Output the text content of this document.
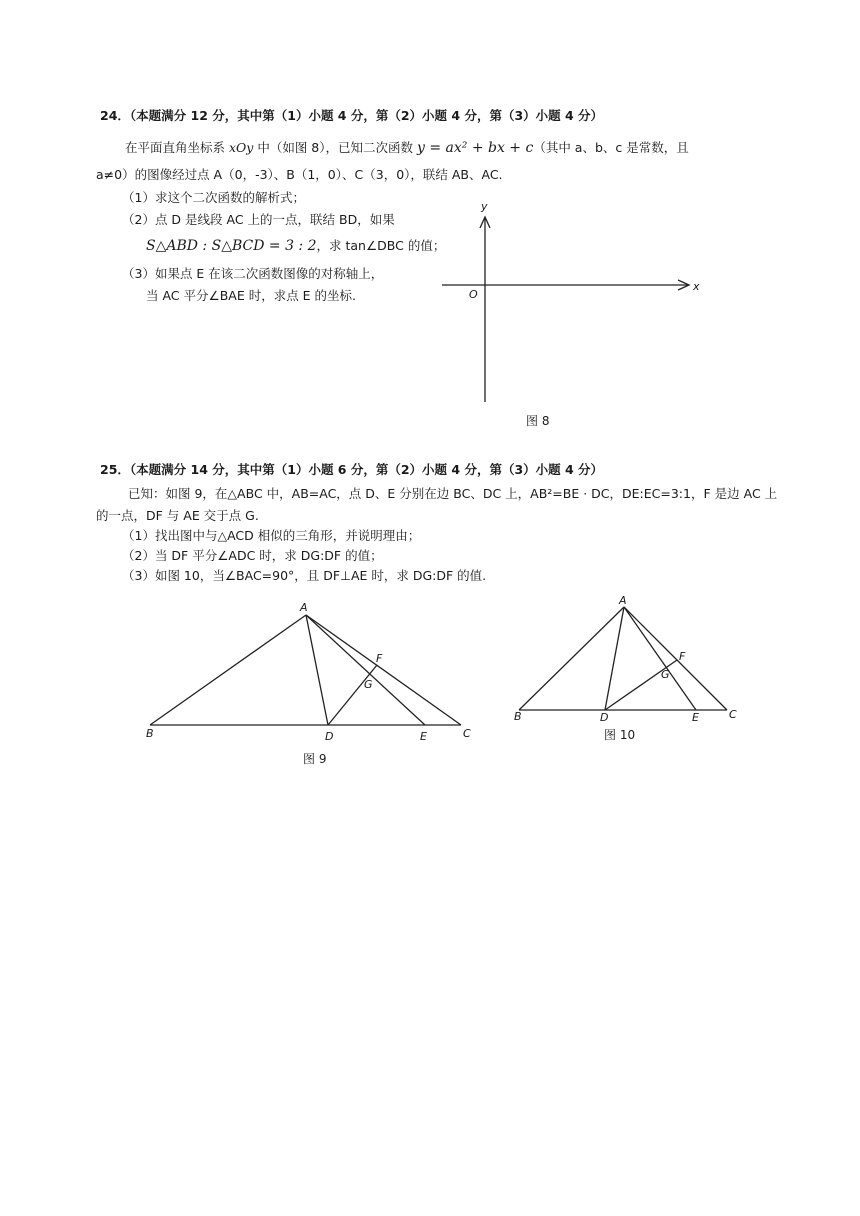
24．（本题满分 12 分，其中第（1）小题 4 分，第（2）小题 4 分，第（3）小题 4 分）
在平面直角坐标系 xOy 中（如图 8），已知二次函数 y = ax² + bx + c（其中 a、b、c 是常数，且
a≠0）的图像经过点 A（0，-3）、B（1，0）、C（3，0），联结 AB、AC.
（1）求这个二次函数的解析式；
（2）点 D 是线段 AC 上的一点，联结 BD，如果
S△ABD : S△BCD = 3 : 2，求 tan∠DBC 的值；
（3）如果点 E 在该二次函数图像的对称轴上，
当 AC 平分∠BAE 时，求点 E 的坐标.
y
x
O
图 8
25．（本题满分 14 分，其中第（1）小题 6 分，第（2）小题 4 分，第（3）小题 4 分）
已知：如图 9，在△ABC 中，AB=AC，点 D、E 分别在边 BC、DC 上，AB²=BE · DC，DE:EC=3:1，F 是边 AC 上
的一点，DF 与 AE 交于点 G.
（1）找出图中与△ACD 相似的三角形，并说明理由；
（2）当 DF 平分∠ADC 时，求 DG:DF 的值；
（3）如图 10，当∠BAC=90°，且 DF⊥AE 时，求 DG:DF 的值.
A
B	C
D	E
F
G
图 9
A
B	C
D	E
F
G
图 10
